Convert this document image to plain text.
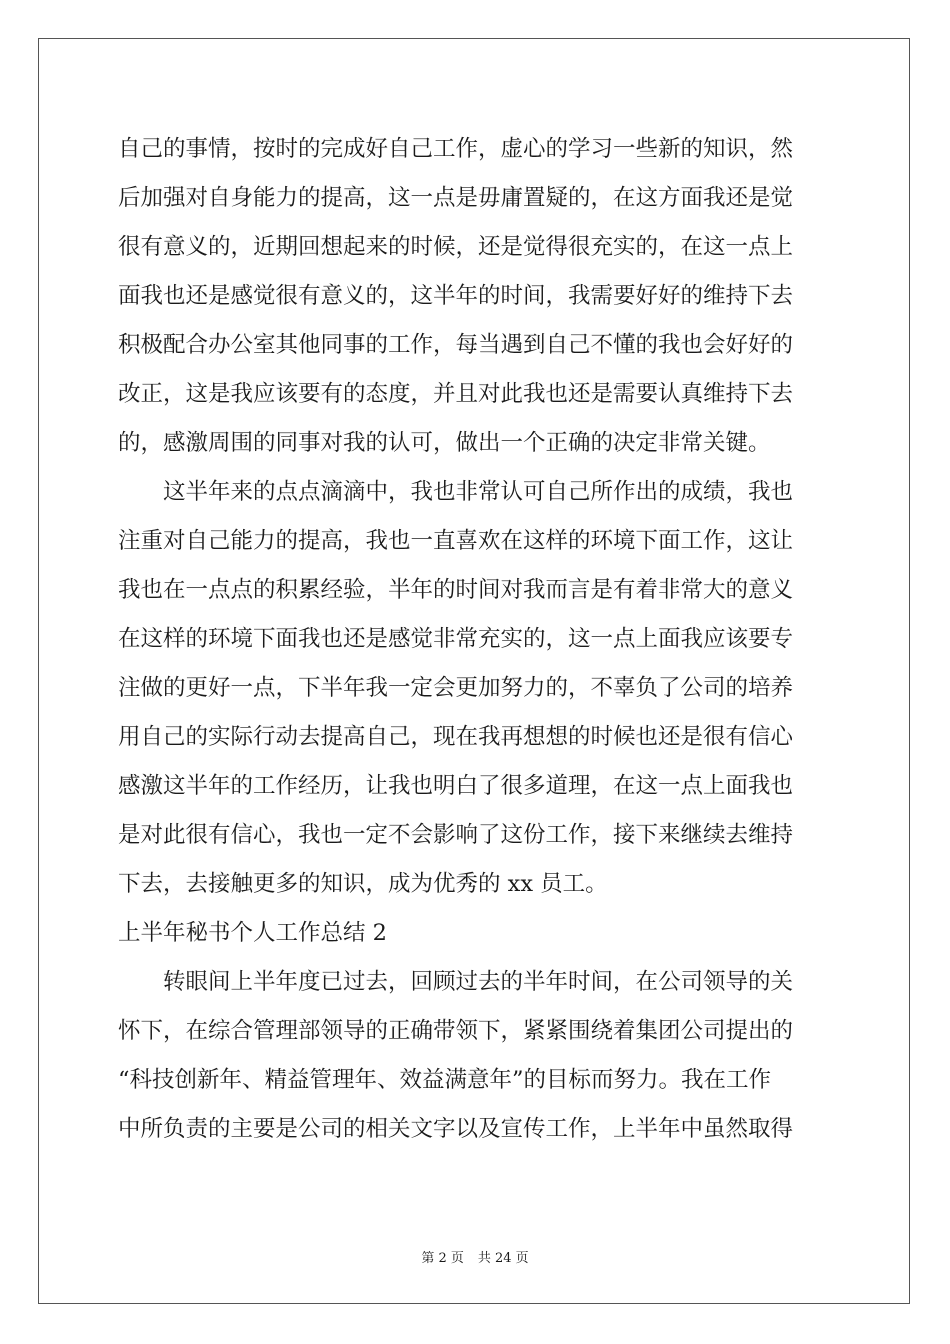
自己的事情，按时的完成好自己工作，虚心的学习一些新的知识，然
后加强对自身能力的提高，这一点是毋庸置疑的，在这方面我还是觉
很有意义的，近期回想起来的时候，还是觉得很充实的，在这一点上
面我也还是感觉很有意义的，这半年的时间，我需要好好的维持下去
积极配合办公室其他同事的工作，每当遇到自己不懂的我也会好好的
改正，这是我应该要有的态度，并且对此我也还是需要认真维持下去
的，感激周围的同事对我的认可，做出一个正确的决定非常关键。
这半年来的点点滴滴中，我也非常认可自己所作出的成绩，我也
注重对自己能力的提高，我也一直喜欢在这样的环境下面工作，这让
我也在一点点的积累经验，半年的时间对我而言是有着非常大的意义
在这样的环境下面我也还是感觉非常充实的，这一点上面我应该要专
注做的更好一点，下半年我一定会更加努力的，不辜负了公司的培养
用自己的实际行动去提高自己，现在我再想想的时候也还是很有信心
感激这半年的工作经历，让我也明白了很多道理，在这一点上面我也
是对此很有信心，我也一定不会影响了这份工作，接下来继续去维持
下去，去接触更多的知识，成为优秀的 xx 员工。
上半年秘书个人工作总结 2
转眼间上半年度已过去，回顾过去的半年时间，在公司领导的关
怀下，在综合管理部领导的正确带领下，紧紧围绕着集团公司提出的
“科技创新年、精益管理年、效益满意年”的目标而努力。我在工作
中所负责的主要是公司的相关文字以及宣传工作，上半年中虽然取得
第 2 页 共 24 页
